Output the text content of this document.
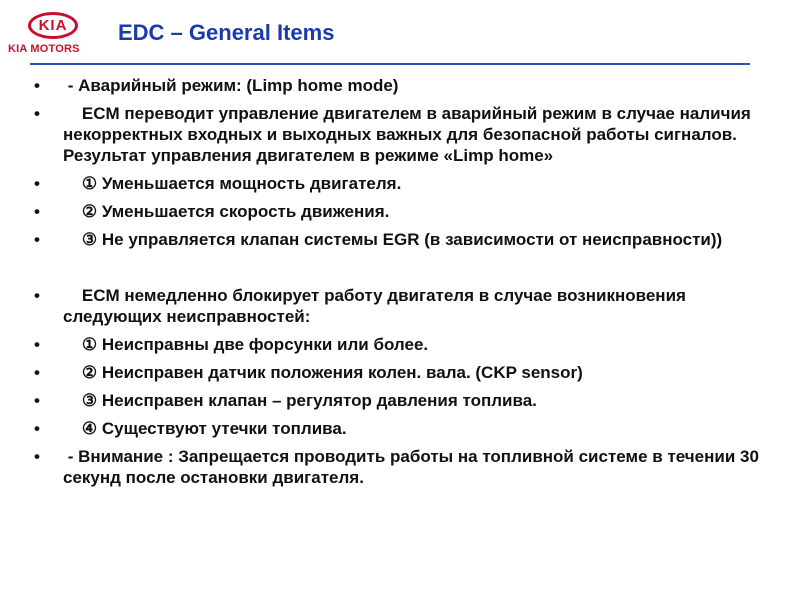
KIA
KIA MOTORS
EDC – General Items
• - Аварийный режим: (Limp home mode)
• ECM переводит управление двигателем в аварийный режим в случае наличия некорректных входных и выходных важных для безопасной работы сигналов. Результат управления двигателем в режиме «Limp home»
• ① Уменьшается мощность двигателя.
• ② Уменьшается скорость движения.
• ③ Не управляется клапан системы EGR (в зависимости от неисправности))
• ECM немедленно блокирует работу двигателя в случае возникновения следующих неисправностей:
• ① Неисправны две форсунки или более.
• ② Неисправен датчик положения колен. вала. (CKP sensor)
• ③ Неисправен клапан – регулятор давления топлива.
• ④ Существуют утечки топлива.
• - Внимание : Запрещается проводить работы на топливной системе в течении 30 секунд после остановки двигателя.
